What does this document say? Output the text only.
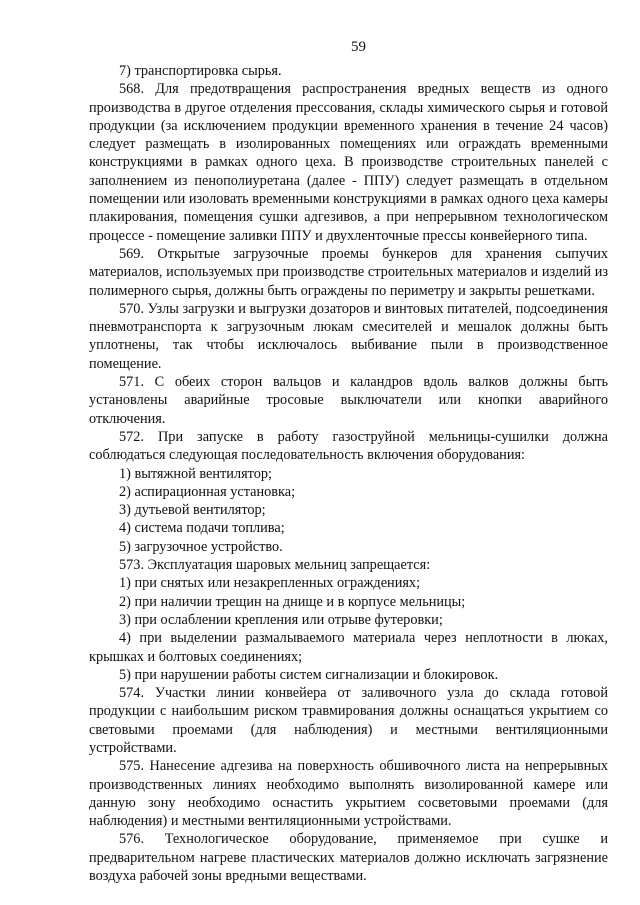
59

7) транспортировка сырья.

568. Для предотвращения распространения вредных веществ из одного производства в другое отделения прессования, склады химического сырья и готовой продукции (за исключением продукции временного хранения в течение 24 часов) следует размещать в изолированных помещениях или ограждать временными конструкциями в рамках одного цеха. В производстве строительных панелей с заполнением из пенополиуретана (далее - ППУ) следует размещать в отдельном помещении или изоловать временными конструкциями в рамках одного цеха камеры плакирования, помещения сушки адгезивов, а при непрерывном технологическом процессе - помещение заливки ППУ и двухленточные прессы конвейерного типа.

569. Открытые загрузочные проемы бункеров для хранения сыпучих материалов, используемых при производстве строительных материалов и изделий из полимерного сырья, должны быть ограждены по периметру и закрыты решетками.

570. Узлы загрузки и выгрузки дозаторов и винтовых питателей, подсоединения пневмотранспорта к загрузочным люкам смесителей и мешалок должны быть уплотнены, так чтобы исключалось выбивание пыли в производственное помещение.

571. С обеих сторон вальцов и каландров вдоль валков должны быть установлены аварийные тросовые выключатели или кнопки аварийного отключения.

572. При запуске в работу газоструйной мельницы-сушилки должна соблюдаться следующая последовательность включения оборудования:

1) вытяжной вентилятор;

2) аспирационная установка;

3) дутьевой вентилятор;

4) система подачи топлива;

5) загрузочное устройство.

573. Эксплуатация шаровых мельниц запрещается:

1) при снятых или незакрепленных ограждениях;

2) при наличии трещин на днище и в корпусе мельницы;

3) при ослаблении крепления или отрыве футеровки;

4) при выделении размалываемого материала через неплотности в люках, крышках и болтовых соединениях;

5) при нарушении работы систем сигнализации и блокировок.

574. Участки линии конвейера от заливочного узла до склада готовой продукции с наибольшим риском травмирования должны оснащаться укрытием со световыми проемами (для наблюдения) и местными вентиляционными устройствами.

575. Нанесение адгезива на поверхность обшивочного листа на непрерывных производственных линиях необходимо выполнять визолированной камере или данную зону необходимо оснастить укрытием сосветовыми проемами (для наблюдения) и местными вентиляционными устройствами.

576. Технологическое оборудование, применяемое при сушке и предварительном нагреве пластических материалов должно исключать загрязнение воздуха рабочей зоны вредными веществами.
